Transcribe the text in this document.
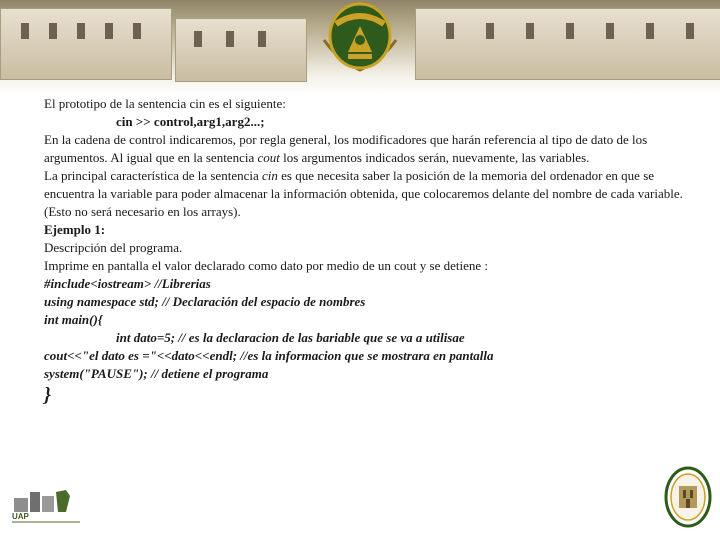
El prototipo de la sentencia cin es el siguiente:

cin >> control,arg1,arg2...;

En la cadena de control indicaremos, por regla general, los modificadores que harán referencia al tipo de dato de los argumentos. Al igual que en la sentencia cout los argumentos indicados serán, nuevamente, las variables.

La principal característica de la sentencia cin es que necesita saber la posición de la memoria del ordenador en que se encuentra la variable para poder almacenar la información obtenida, que colocaremos delante del nombre de cada variable. (Esto no será necesario en los arrays).

Ejemplo 1:

Descripción del programa.

Imprime en pantalla el valor declarado como dato por medio de un cout y se detiene :

#include<iostream> //Librerias

using namespace std; // Declaración del espacio de nombres

int main(){

int dato=5; // es la declaracion de las bariable que se va a utilisae

cout<<"el dato es ="<<dato<<endl; //es la informacion que se mostrara en pantalla

system("PAUSE"); // detiene el programa

}

UAP
